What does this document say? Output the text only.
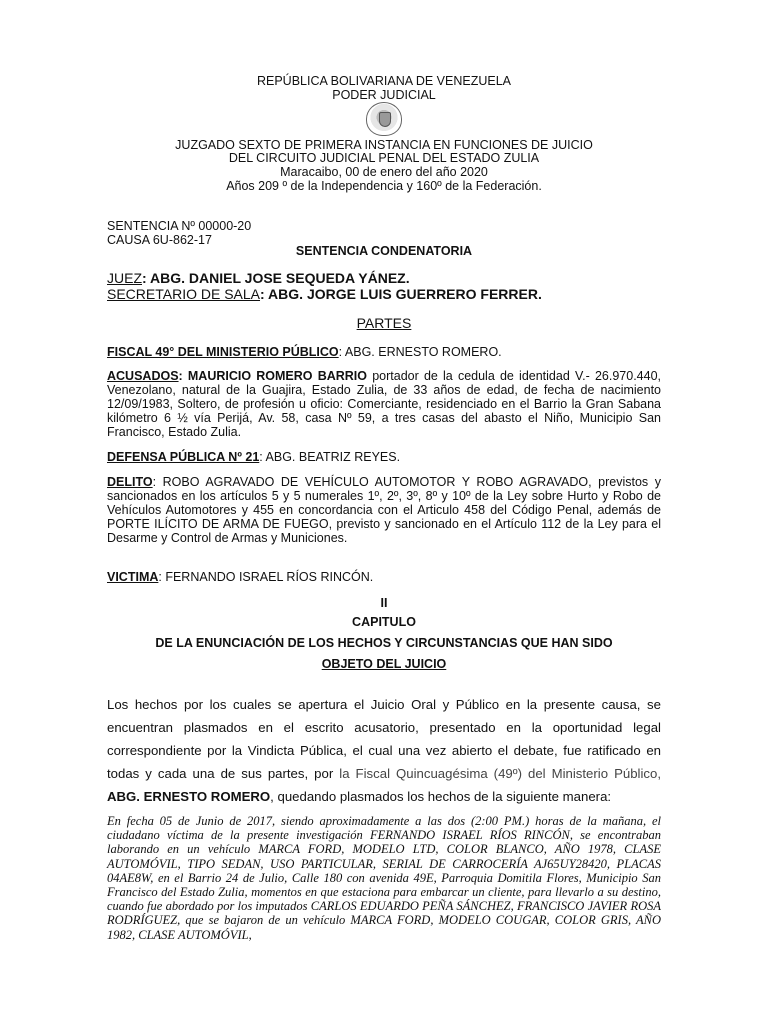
REPÚBLICA BOLIVARIANA DE VENEZUELA
PODER JUDICIAL
JUZGADO SEXTO DE PRIMERA INSTANCIA EN FUNCIONES DE JUICIO
DEL CIRCUITO JUDICIAL PENAL DEL ESTADO ZULIA
Maracaibo, 00 de enero del año 2020
Años 209 º de la Independencia y 160º de la Federación.
SENTENCIA Nº 00000-20
CAUSA 6U-862-17
SENTENCIA CONDENATORIA
JUEZ: ABG. DANIEL JOSE SEQUEDA YÁNEZ.
SECRETARIO DE SALA: ABG. JORGE LUIS GUERRERO FERRER.
PARTES
FISCAL 49° DEL MINISTERIO PÚBLICO: ABG. ERNESTO ROMERO.
ACUSADOS: MAURICIO ROMERO BARRIO portador de la cedula de identidad V.- 26.970.440, Venezolano, natural de la Guajira, Estado Zulia, de 33 años de edad, de fecha de nacimiento 12/09/1983, Soltero, de profesión u oficio: Comerciante, residenciado en el Barrio la Gran Sabana kilómetro 6 ½ vía Perijá, Av. 58, casa Nº 59, a tres casas del abasto el Niño, Municipio San Francisco, Estado Zulia.
DEFENSA PÚBLICA Nº 21: ABG. BEATRIZ REYES.
DELITO: ROBO AGRAVADO DE VEHÍCULO AUTOMOTOR Y ROBO AGRAVADO, previstos y sancionados en los artículos 5 y 5 numerales 1º, 2º, 3º, 8º y 10º de la Ley sobre Hurto y Robo de Vehículos Automotores y 455 en concordancia con el Articulo 458 del Código Penal, además de PORTE ILÍCITO DE ARMA DE FUEGO, previsto y sancionado en el Artículo 112 de la Ley para el Desarme y Control de Armas y Municiones.
VICTIMA: FERNANDO ISRAEL RÍOS RINCÓN.
II
CAPITULO
DE LA ENUNCIACIÓN DE LOS HECHOS Y CIRCUNSTANCIAS QUE HAN SIDO
OBJETO DEL JUICIO
Los hechos por los cuales se apertura el Juicio Oral y Público en la presente causa, se encuentran plasmados en el escrito acusatorio, presentado en la oportunidad legal correspondiente por la Vindicta Pública, el cual una vez abierto el debate, fue ratificado en todas y cada una de sus partes, por la Fiscal Quincuagésima (49º) del Ministerio Público, ABG. ERNESTO ROMERO, quedando plasmados los hechos de la siguiente manera:
En fecha 05 de Junio de 2017, siendo aproximadamente a las dos (2:00 PM.) horas de la mañana, el ciudadano víctima de la presente investigación FERNANDO ISRAEL RÍOS RINCÓN, se encontraban laborando en un vehículo MARCA FORD, MODELO LTD, COLOR BLANCO, AÑO 1978, CLASE AUTOMÓVIL, TIPO SEDAN, USO PARTICULAR, SERIAL DE CARROCERÍA AJ65UY28420, PLACAS 04AE8W, en el Barrio 24 de Julio, Calle 180 con avenida 49E, Parroquia Domitila Flores, Municipio San Francisco del Estado Zulia, momentos en que estaciona para embarcar un cliente, para llevarlo a su destino, cuando fue abordado por los imputados CARLOS EDUARDO PEÑA SÁNCHEZ, FRANCISCO JAVIER ROSA RODRÍGUEZ, que se bajaron de un vehículo MARCA FORD, MODELO COUGAR, COLOR GRIS, AÑO 1982, CLASE AUTOMÓVIL,
